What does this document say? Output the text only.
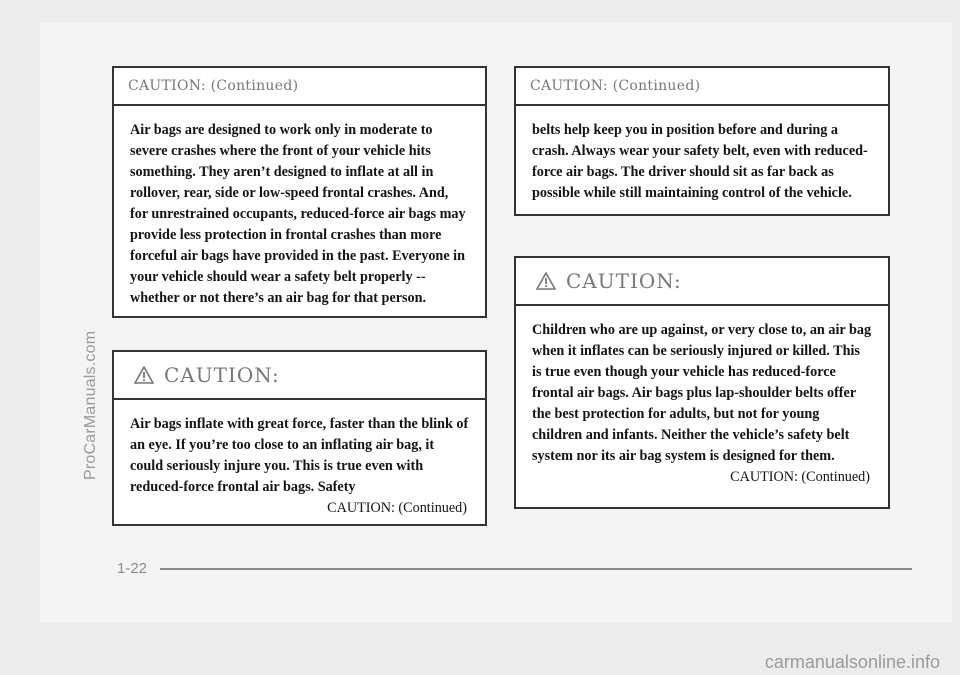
ProCarManuals.com
CAUTION: (Continued)
Air bags are designed to work only in moderate to severe crashes where the front of your vehicle hits something. They aren’t designed to inflate at all in rollover, rear, side or low-speed frontal crashes. And, for unrestrained occupants, reduced-force air bags may provide less protection in frontal crashes than more forceful air bags have provided in the past. Everyone in your vehicle should wear a safety belt properly -- whether or not there’s an air bag for that person.
CAUTION:
Air bags inflate with great force, faster than the blink of an eye. If you’re too close to an inflating air bag, it could seriously injure you. This is true even with reduced-force frontal air bags. Safety
CAUTION: (Continued)
CAUTION: (Continued)
belts help keep you in position before and during a crash. Always wear your safety belt, even with reduced-force air bags. The driver should sit as far back as possible while still maintaining control of the vehicle.
CAUTION:
Children who are up against, or very close to, an air bag when it inflates can be seriously injured or killed. This is true even though your vehicle has reduced-force frontal air bags. Air bags plus lap-shoulder belts offer the best protection for adults, but not for young children and infants. Neither the vehicle’s safety belt system nor its air bag system is designed for them.
CAUTION: (Continued)
1-22
carmanualsonline.info
